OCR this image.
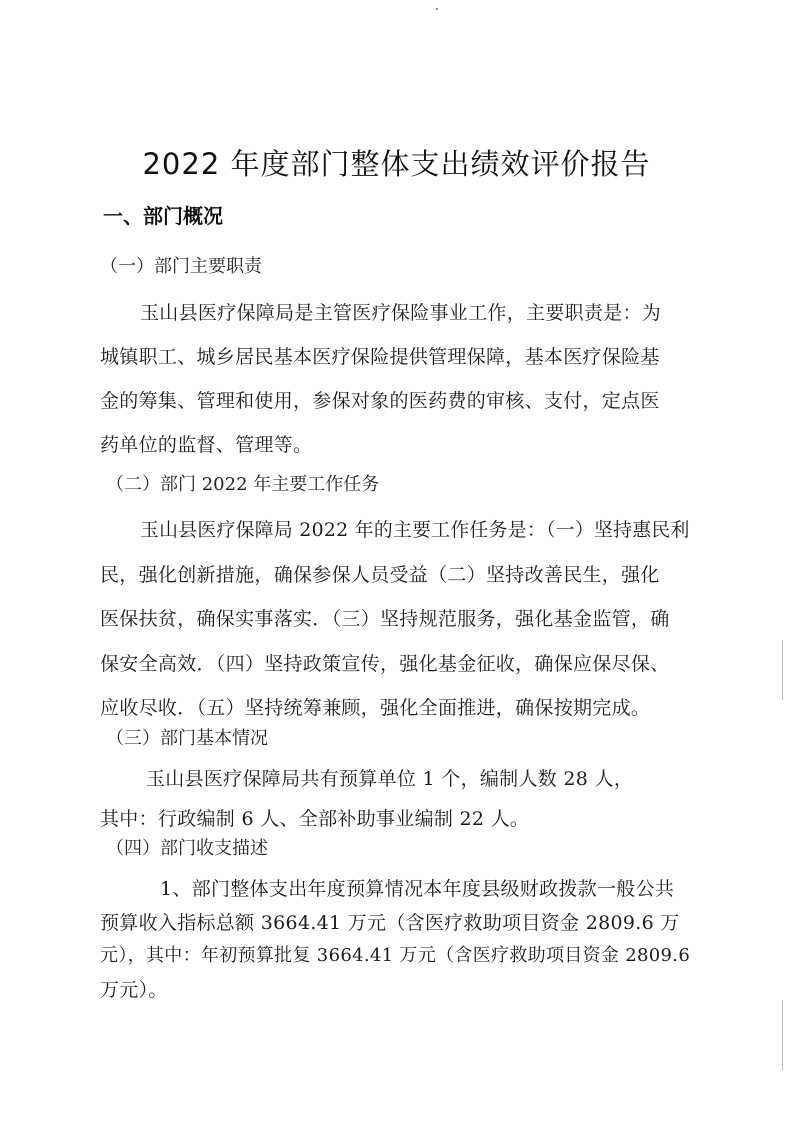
2022 年度部门整体支出绩效评价报告
一、部门概况
（一）部门主要职责
玉山县医疗保障局是主管医疗保险事业工作，主要职责是：为
城镇职工、城乡居民基本医疗保险提供管理保障，基本医疗保险基
金的筹集、管理和使用，参保对象的医药费的审核、支付，定点医
药单位的监督、管理等。
（二）部门 2022 年主要工作任务
玉山县医疗保障局 2022 年的主要工作任务是：（一）坚持惠民利
民，强化创新措施，确保参保人员受益（二）坚持改善民生，强化
医保扶贫，确保实事落实．（三）坚持规范服务，强化基金监管，确
保安全高效．（四）坚持政策宣传，强化基金征收，确保应保尽保、
应收尽收．（五）坚持统筹兼顾，强化全面推进，确保按期完成。
（三）部门基本情况
玉山县医疗保障局共有预算单位 1 个，编制人数 28 人，
其中：行政编制 6 人、全部补助事业编制 22 人。
（四）部门收支描述
1、部门整体支出年度预算情况本年度县级财政拨款一般公共
预算收入指标总额 3664.41 万元（含医疗救助项目资金 2809.6 万
元），其中：年初预算批复 3664.41 万元（含医疗救助项目资金 2809.6
万元）。
